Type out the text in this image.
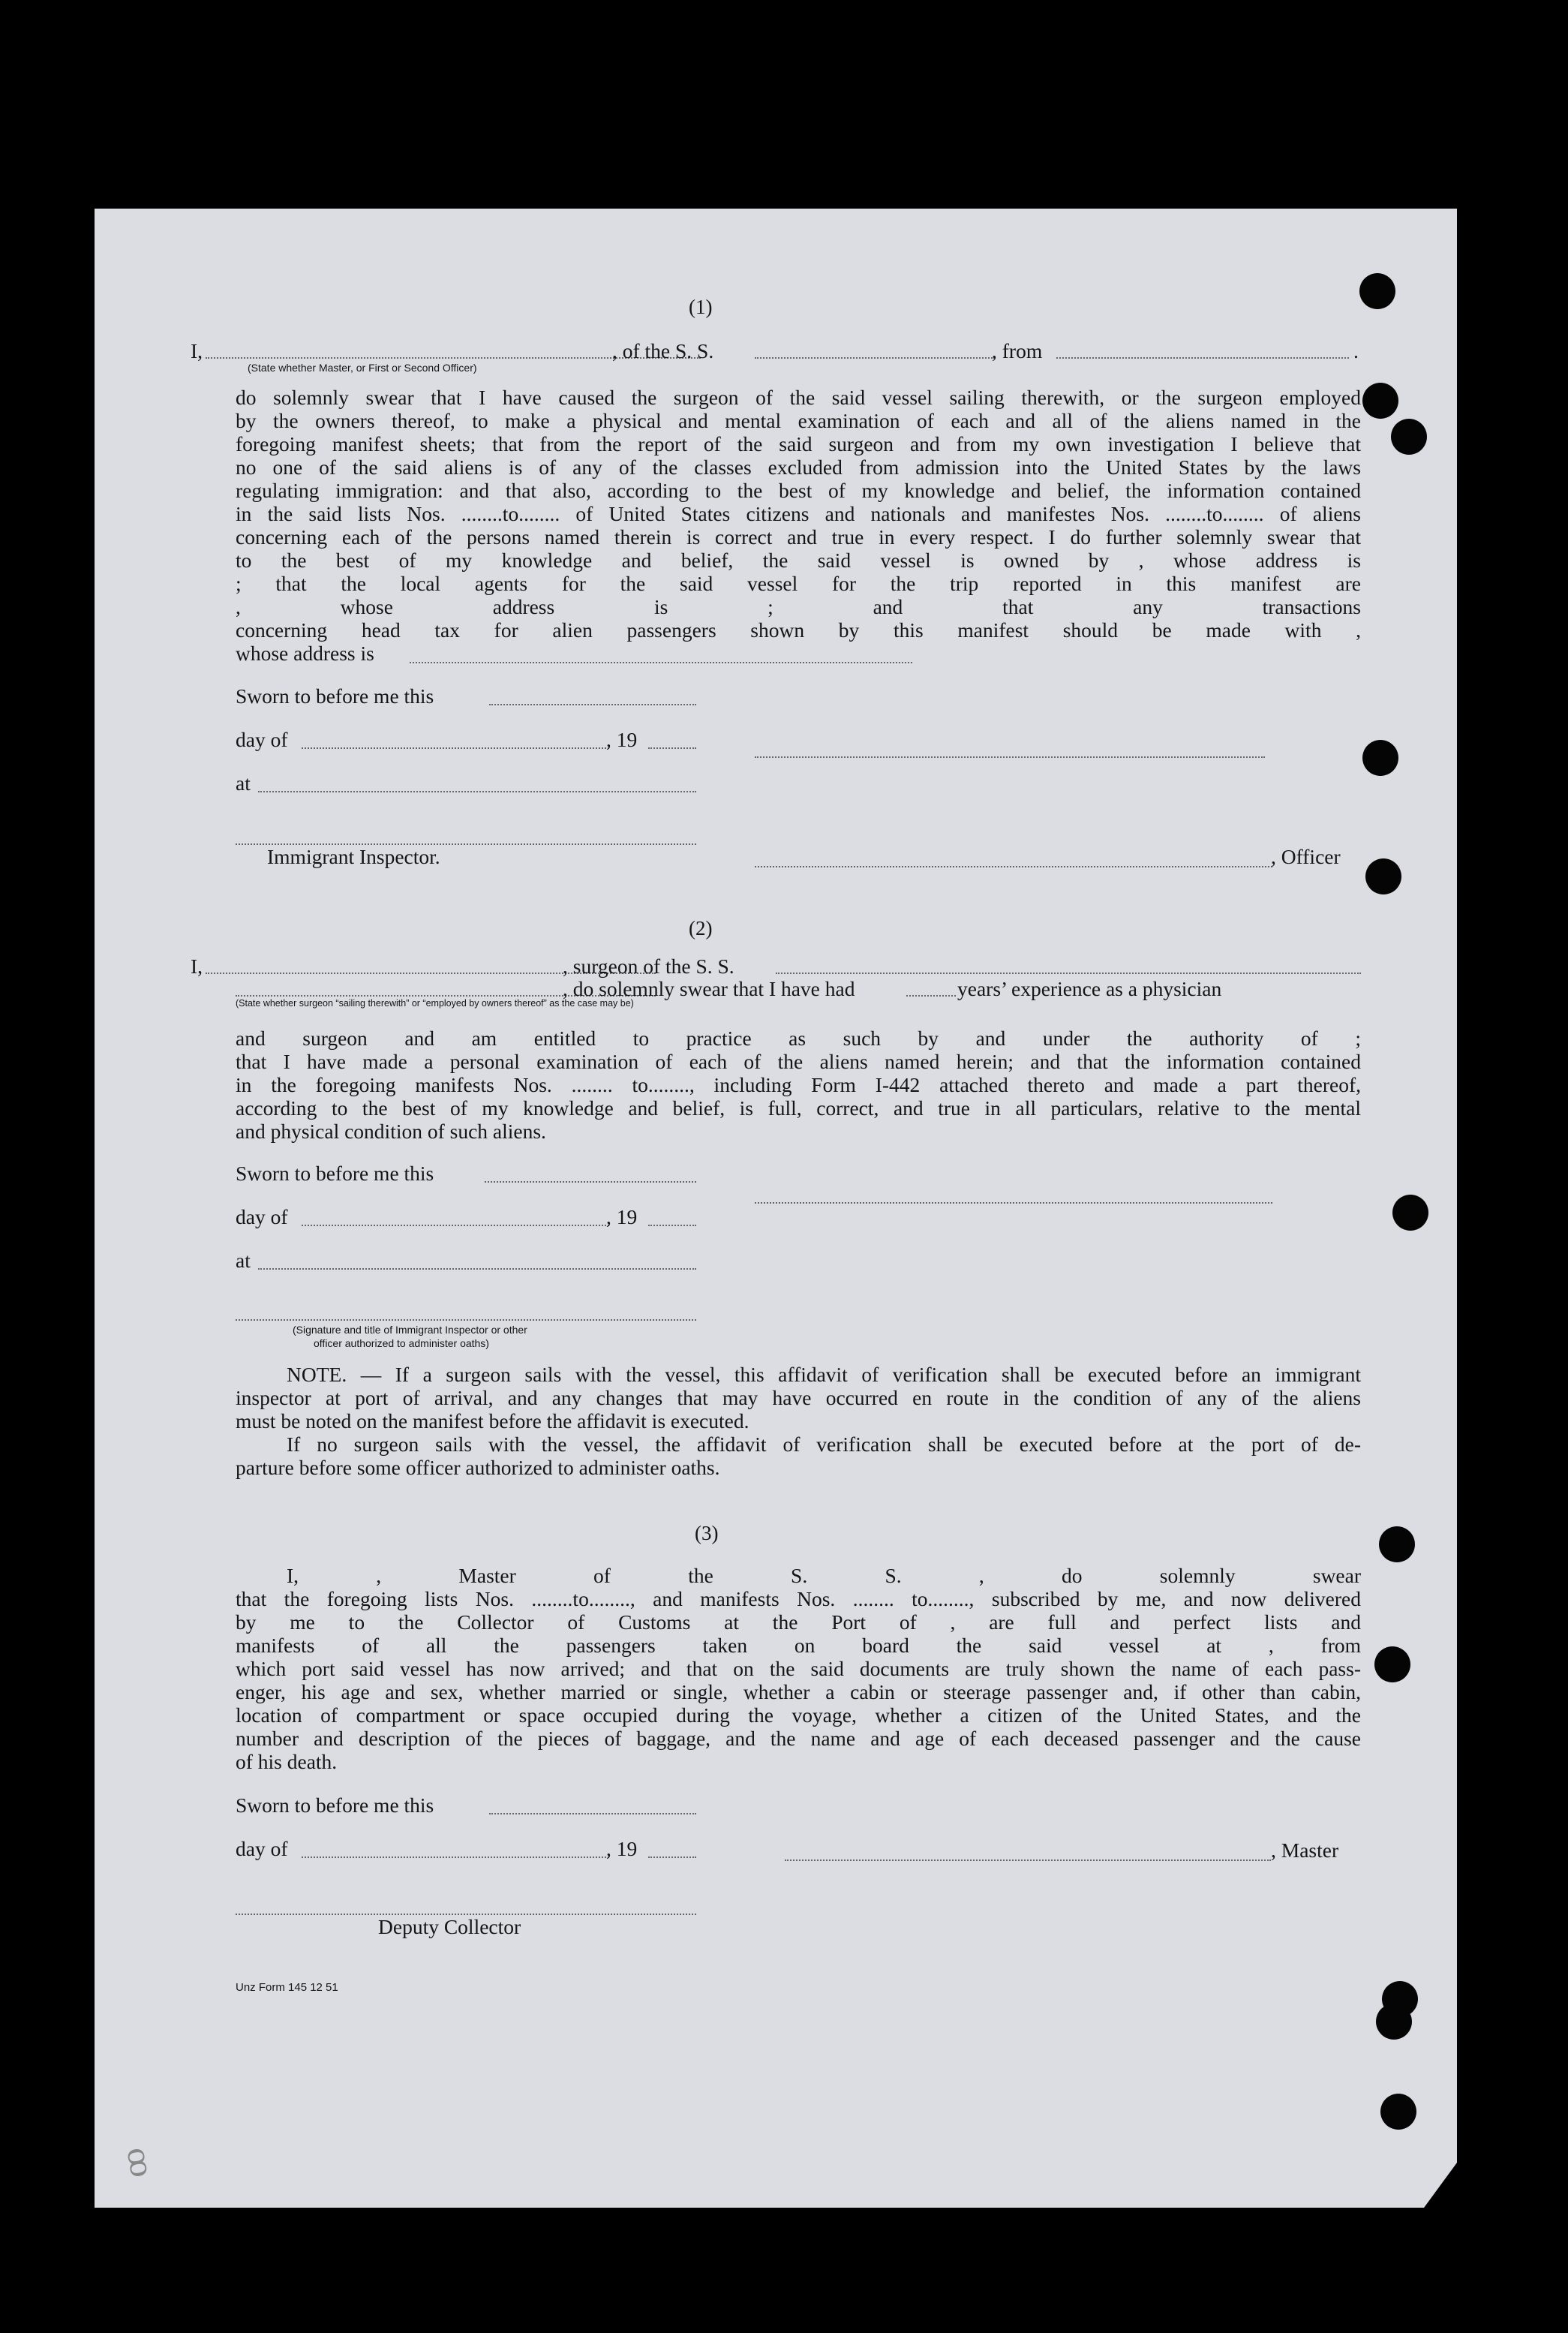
(1)
I,	, of the S. S.	, from	.
(State whether Master, or First or Second Officer)
do solemnly swear that I have caused the surgeon of the said vessel sailing therewith, or the surgeon employed
by the owners thereof, to make a physical and mental examination of each and all of the aliens named in the
foregoing manifest sheets; that from the report of the said surgeon and from my own investigation I believe that
no one of the said aliens is of any of the classes excluded from admission into the United States by the laws
regulating immigration: and that also, according to the best of my knowledge and belief, the information contained
in the said lists Nos. ........to........ of United States citizens and nationals and manifestes Nos. ........to........ of aliens
concerning each of the persons named therein is correct and true in every respect. I do further solemnly swear that
to the best of my knowledge and belief, the said vessel is owned by , whose address is
; that the local agents for the said vessel for the trip reported in this manifest are
, whose address is ; and that any transactions
concerning head tax for alien passengers shown by this manifest should be made with ,
whose address is
Sworn to before me this
day of	, 19
at
Immigrant Inspector.	, Officer
(2)
I,	, surgeon of the S. S.
, do solemnly swear that I have had	years’ experience as a physician
(State whether surgeon “sailing therewith” or “employed by owners thereof” as the case may be)
and surgeon and am entitled to practice as such by and under the authority of ;
that I have made a personal examination of each of the aliens named herein; and that the information contained
in the foregoing manifests Nos. ........ to........, including Form I-442 attached thereto and made a part thereof,
according to the best of my knowledge and belief, is full, correct, and true in all particulars, relative to the mental
and physical condition of such aliens.
Sworn to before me this
day of	, 19
at
(Signature and title of Immigrant Inspector or other
officer authorized to administer oaths)
NOTE. — If a surgeon sails with the vessel, this affidavit of verification shall be executed before an immigrant
inspector at port of arrival, and any changes that may have occurred en route in the condition of any of the aliens
must be noted on the manifest before the affidavit is executed.
If no surgeon sails with the vessel, the affidavit of verification shall be executed before at the port of de-
parture before some officer authorized to administer oaths.
(3)
I, , Master of the S. S. , do solemnly swear
that the foregoing lists Nos. ........to........, and manifests Nos. ........ to........, subscribed by me, and now delivered
by me to the Collector of Customs at the Port of , are full and perfect lists and
manifests of all the passengers taken on board the said vessel at , from
which port said vessel has now arrived; and that on the said documents are truly shown the name of each pass-
enger, his age and sex, whether married or single, whether a cabin or steerage passenger and, if other than cabin,
location of compartment or space occupied during the voyage, whether a citizen of the United States, and the
number and description of the pieces of baggage, and the name and age of each deceased passenger and the cause
of his death.
Sworn to before me this
day of	, 19	, Master
Deputy Collector
Unz Form 145 12 51
ꝏ
